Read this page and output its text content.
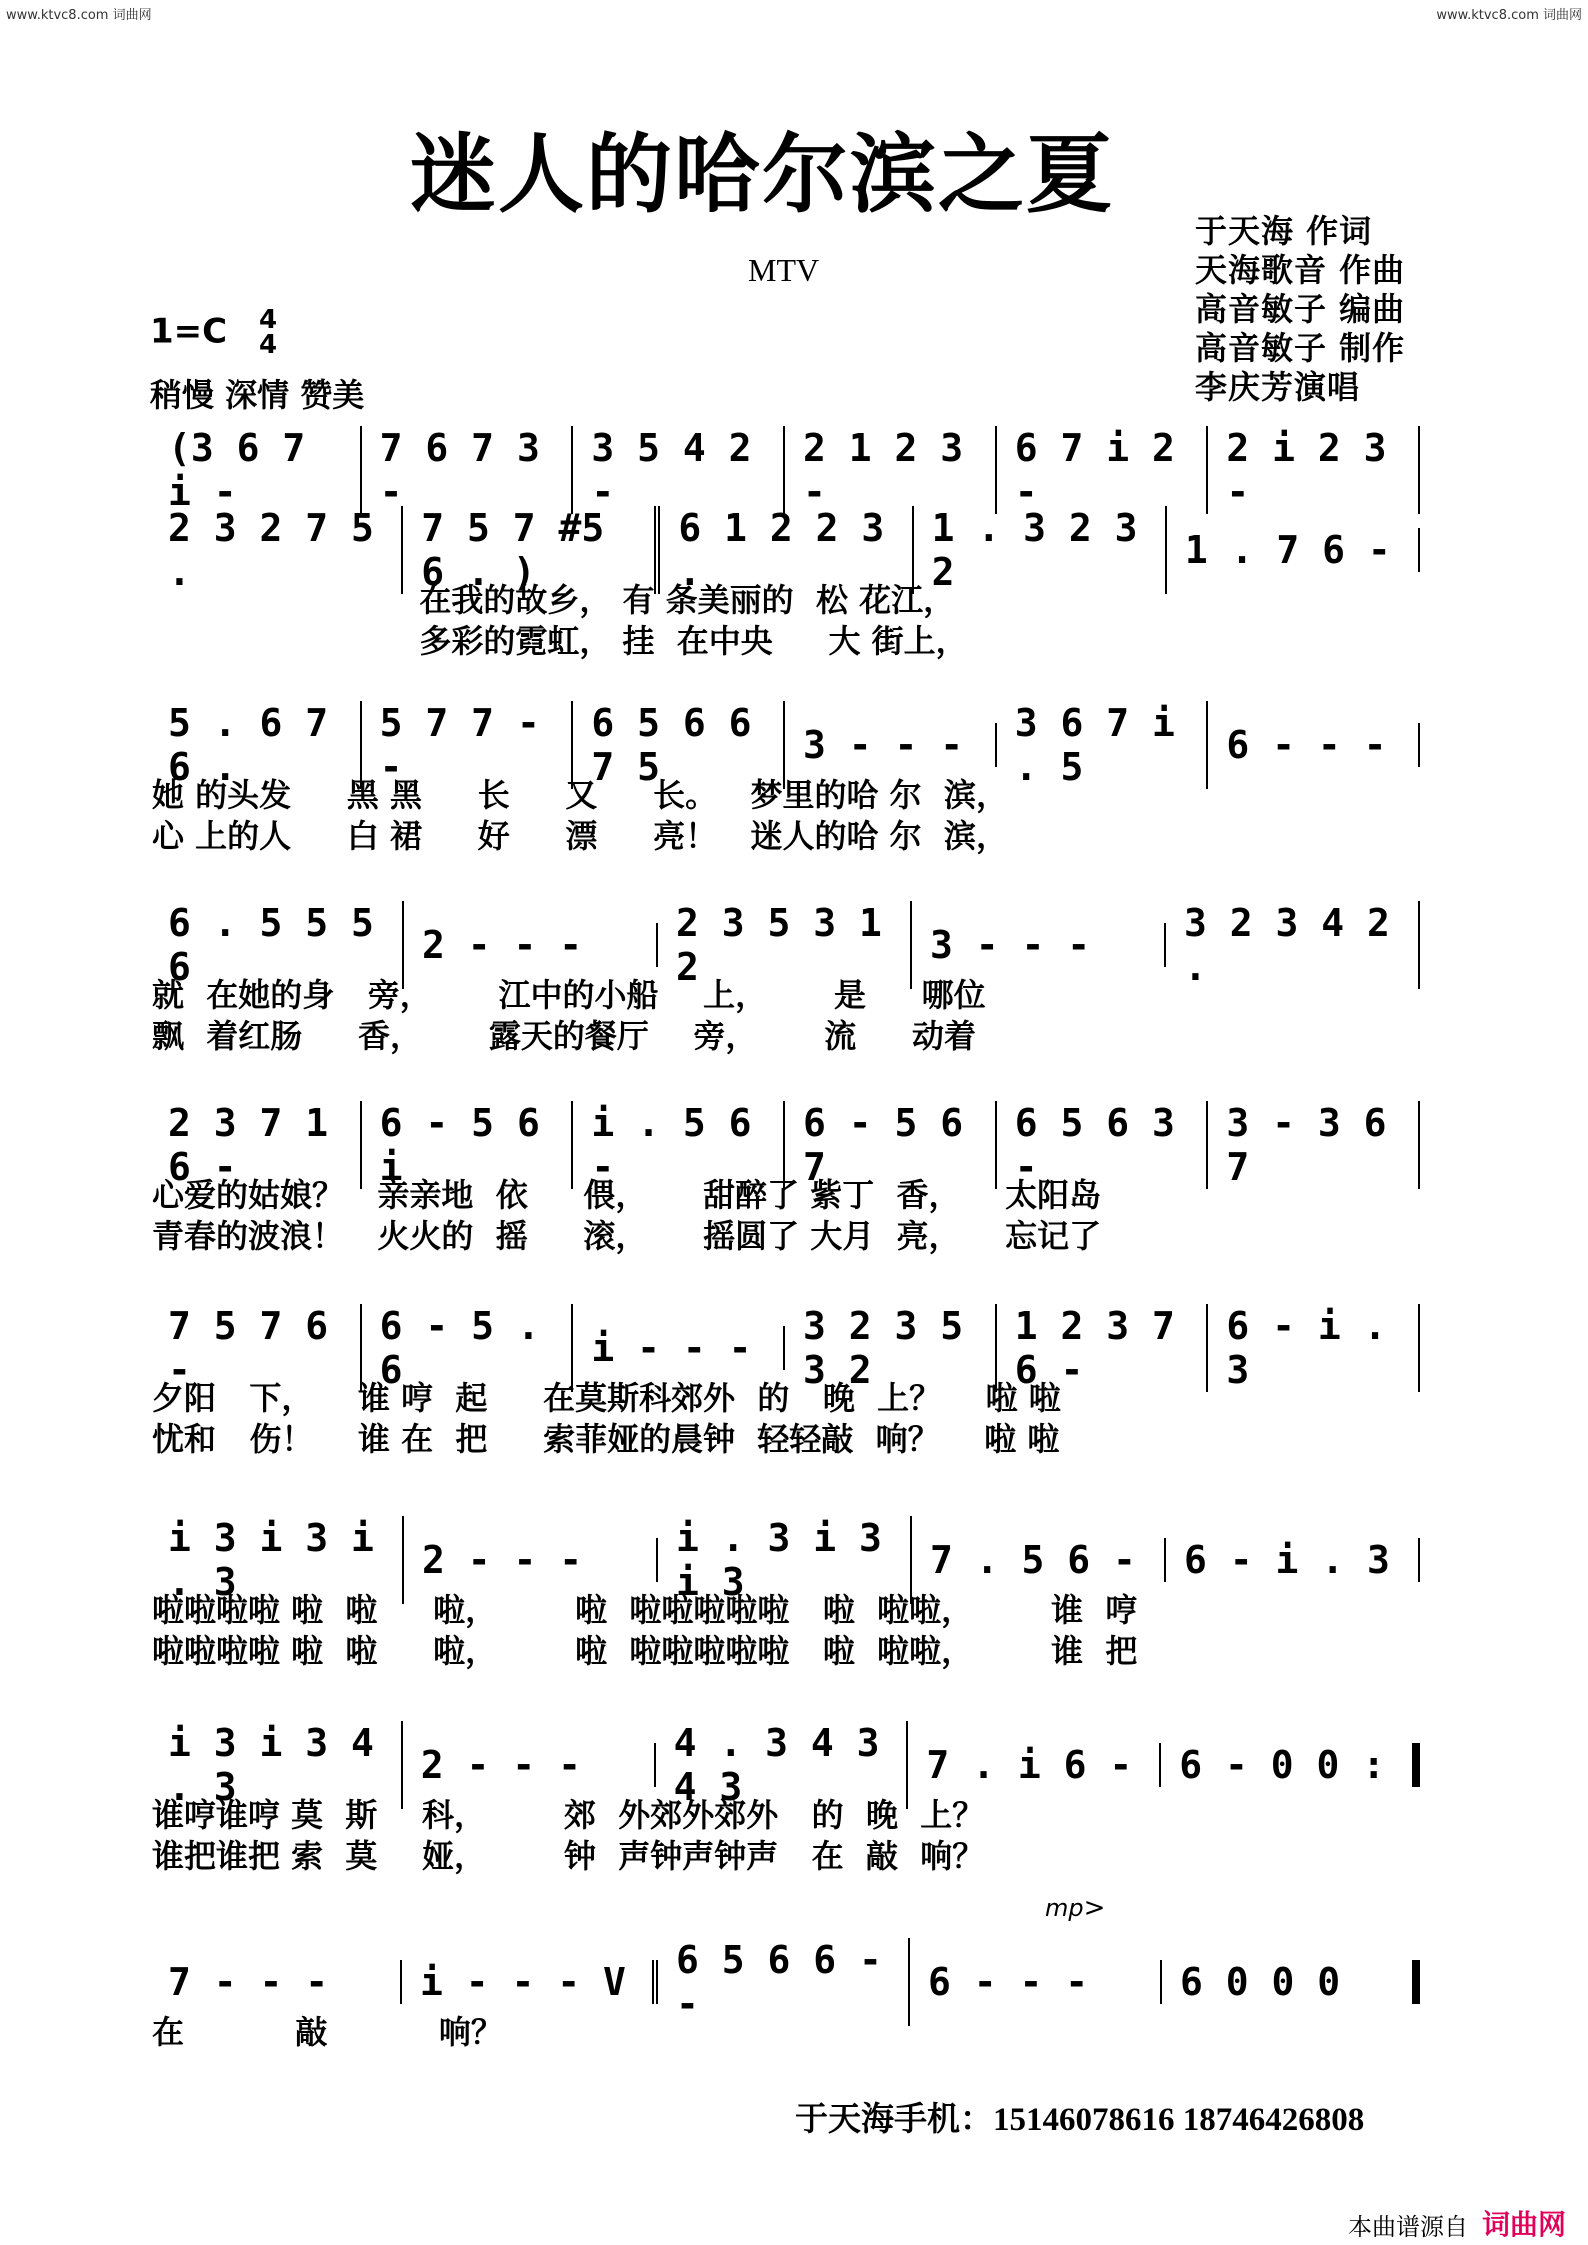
www.ktvc8.com 词曲网	www.ktvc8.com 词曲网
迷人的哈尔滨之夏
MTV
于天海 作词
天海歌音 作曲
高音敏子 编曲
高音敏子 制作
李庆芳演唱
1=C 4
4
稍慢 深情 赞美
(3 6 7 i -
7 6 7 3 -
3 5 4 2 -
2 1 2 3 -
6 7 i 2 -
2 i 2 3 -
2 3 2 7 5 .
7 5 7 #5 6 . )
6 1 2 2 3 .
1 . 3 2 3 2	1 . 7 6 -
在我的故乡， 有 条美丽的  松 花江，
多彩的霓虹， 挂  在中央     大 街上，
5 . 6 7 6 .
5 7 7 - -
6 5 6 6 7 5	3 - - -	3 6 7 i . 5	6 - - -
她 的头发     黑 黑     长     又     长。   梦里的哈 尔  滨，
心 上的人     白 裙     好     漂     亮！   迷人的哈 尔  滨，
6 . 5 5 5 6	2 - - -	2 3 5 3 1 2	3 - - -	3 2 3 4 2 .
就  在她的身   旁，      江中的小船    上，      是     哪位
飘  着红肠     香，      露天的餐厅    旁，      流     动着
2 3 7 1 6 -
6 - 5 6 i
i . 5 6 -
6 - 5 6 7
6 5 6 3 -
3 - 3 6 7
心爱的姑娘？   亲亲地  依     偎，     甜醉了 紫丁  香，    太阳岛
青春的波浪！   火火的  摇     滚，     摇圆了 大月  亮，    忘记了
7 5 7 6 -
6 - 5 . 6	i - - -	3 2 3 5 3 2
1 2 3 7 6 -
6 - i . 3
夕阳   下，    谁 哼  起     在莫斯科郊外  的   晚  上？    啦 啦
忧和   伤！    谁 在  把     索菲娅的晨钟  轻轻敲  响？    啦 啦
i 3 i 3 i . 3	2 - - -	i . 3 i 3 i 3	7 . 5 6 -	6 - i . 3
啦啦啦啦 啦  啦     啦，       啦  啦啦啦啦啦   啦  啦啦，       谁  哼
啦啦啦啦 啦  啦     啦，       啦  啦啦啦啦啦   啦  啦啦，       谁  把
i 3 i 3 4 . 3	2 - - -	4 . 3 4 3 4 3	7 . i 6 -	6 - 0 0 :
谁哼谁哼 莫  斯    科，       郊  外郊外郊外   的  晚  上？
谁把谁把 索  莫    娅，       钟  声钟声钟声   在  敲  响？
mp>
7 - - -	i - - - V	6 5 6 6 - -	6 - - -	6 0 0 0
在          敲          响？
于天海手机：15146078616 18746426808
本曲谱源自 词曲网
